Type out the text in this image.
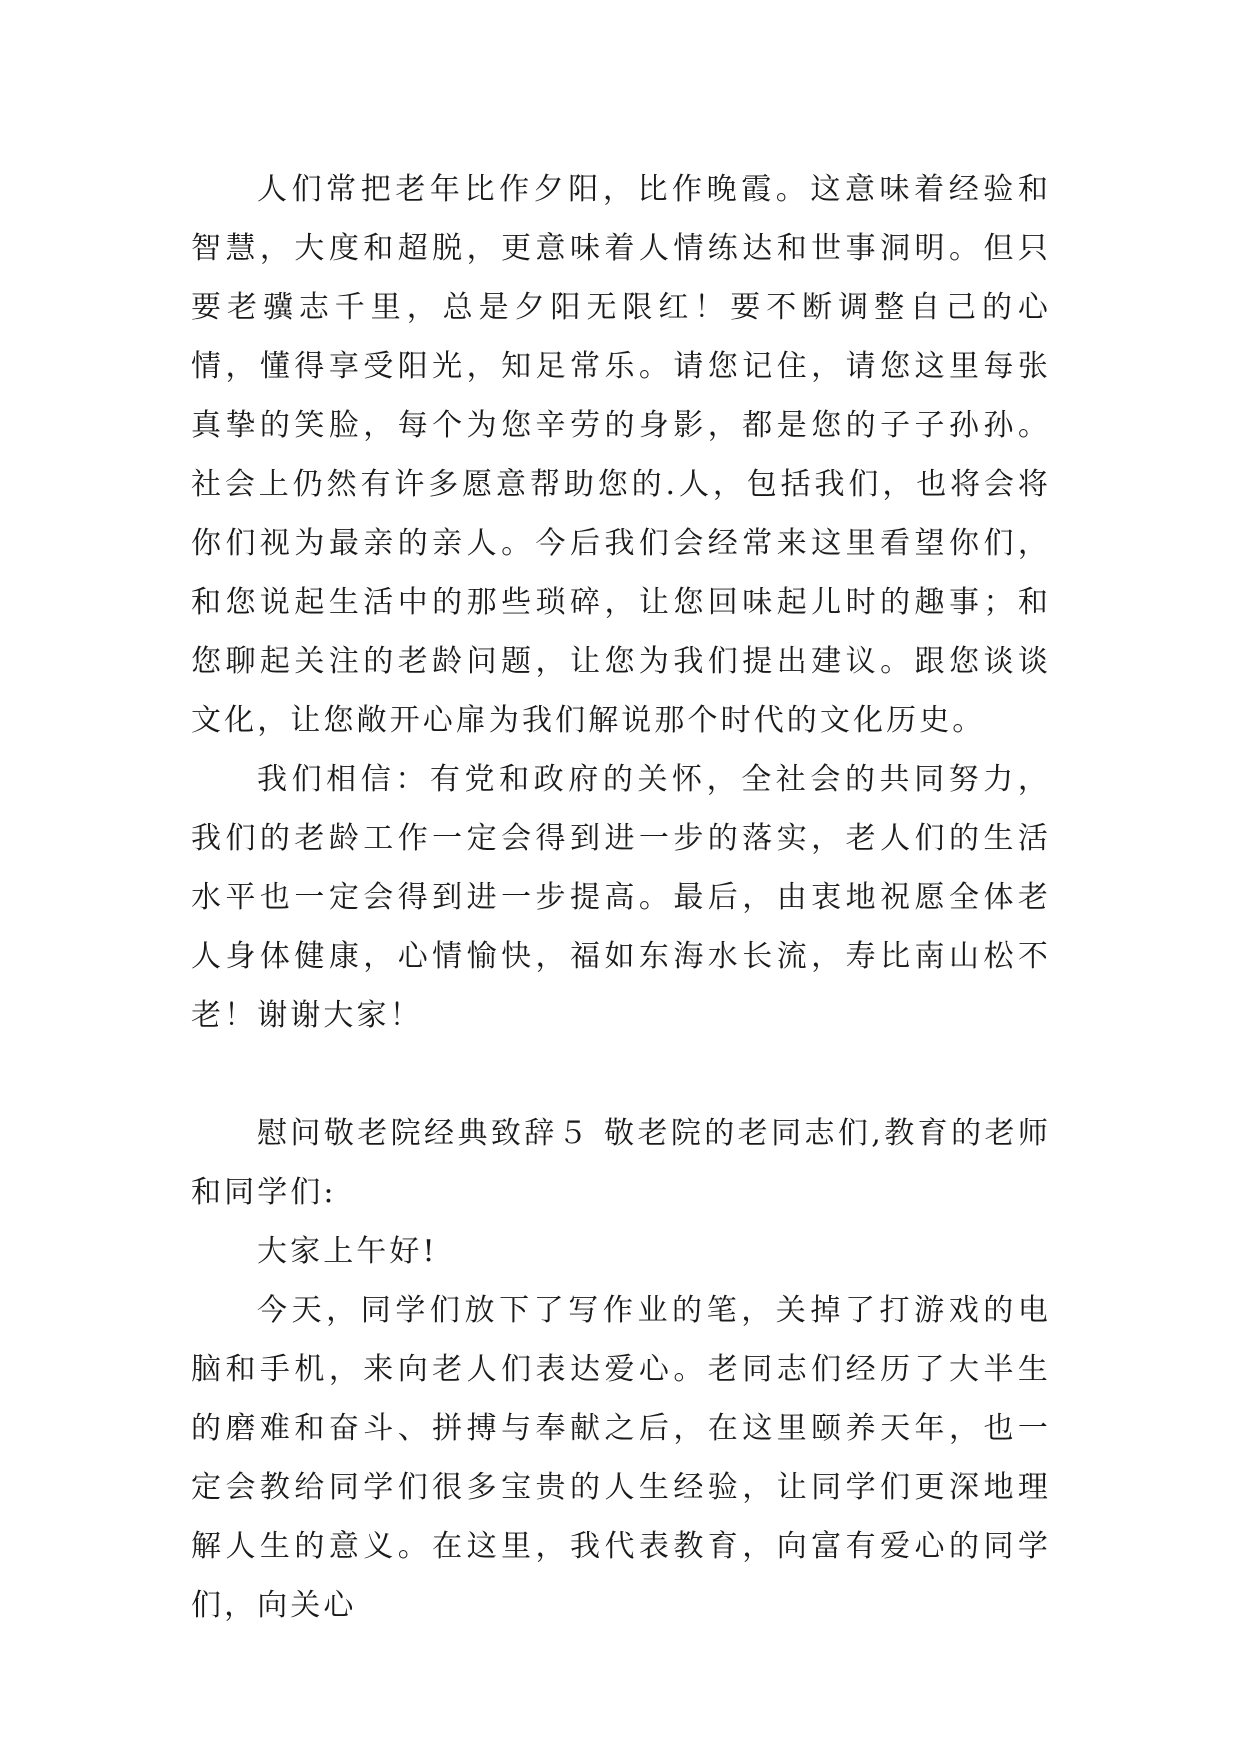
人们常把老年比作夕阳，比作晚霞。这意味着经验和智慧，大度和超脱，更意味着人情练达和世事洞明。但只要老骥志千里，总是夕阳无限红！要不断调整自己的心情，懂得享受阳光，知足常乐。请您记住，请您这里每张真挚的笑脸，每个为您辛劳的身影，都是您的子子孙孙。社会上仍然有许多愿意帮助您的.人，包括我们，也将会将你们视为最亲的亲人。今后我们会经常来这里看望你们，和您说起生活中的那些琐碎，让您回味起儿时的趣事；和您聊起关注的老龄问题，让您为我们提出建议。跟您谈谈文化，让您敞开心扉为我们解说那个时代的文化历史。

我们相信：有党和政府的关怀，全社会的共同努力，我们的老龄工作一定会得到进一步的落实，老人们的生活水平也一定会得到进一步提高。最后，由衷地祝愿全体老人身体健康，心情愉快，福如东海水长流，寿比南山松不老！谢谢大家！

慰问敬老院经典致辞５ 敬老院的老同志们,教育的老师和同学们:

大家上午好!

今天，同学们放下了写作业的笔，关掉了打游戏的电脑和手机，来向老人们表达爱心。老同志们经历了大半生的磨难和奋斗、拼搏与奉献之后，在这里颐养天年，也一定会教给同学们很多宝贵的人生经验，让同学们更深地理解人生的意义。在这里，我代表教育，向富有爱心的同学们，向关心
